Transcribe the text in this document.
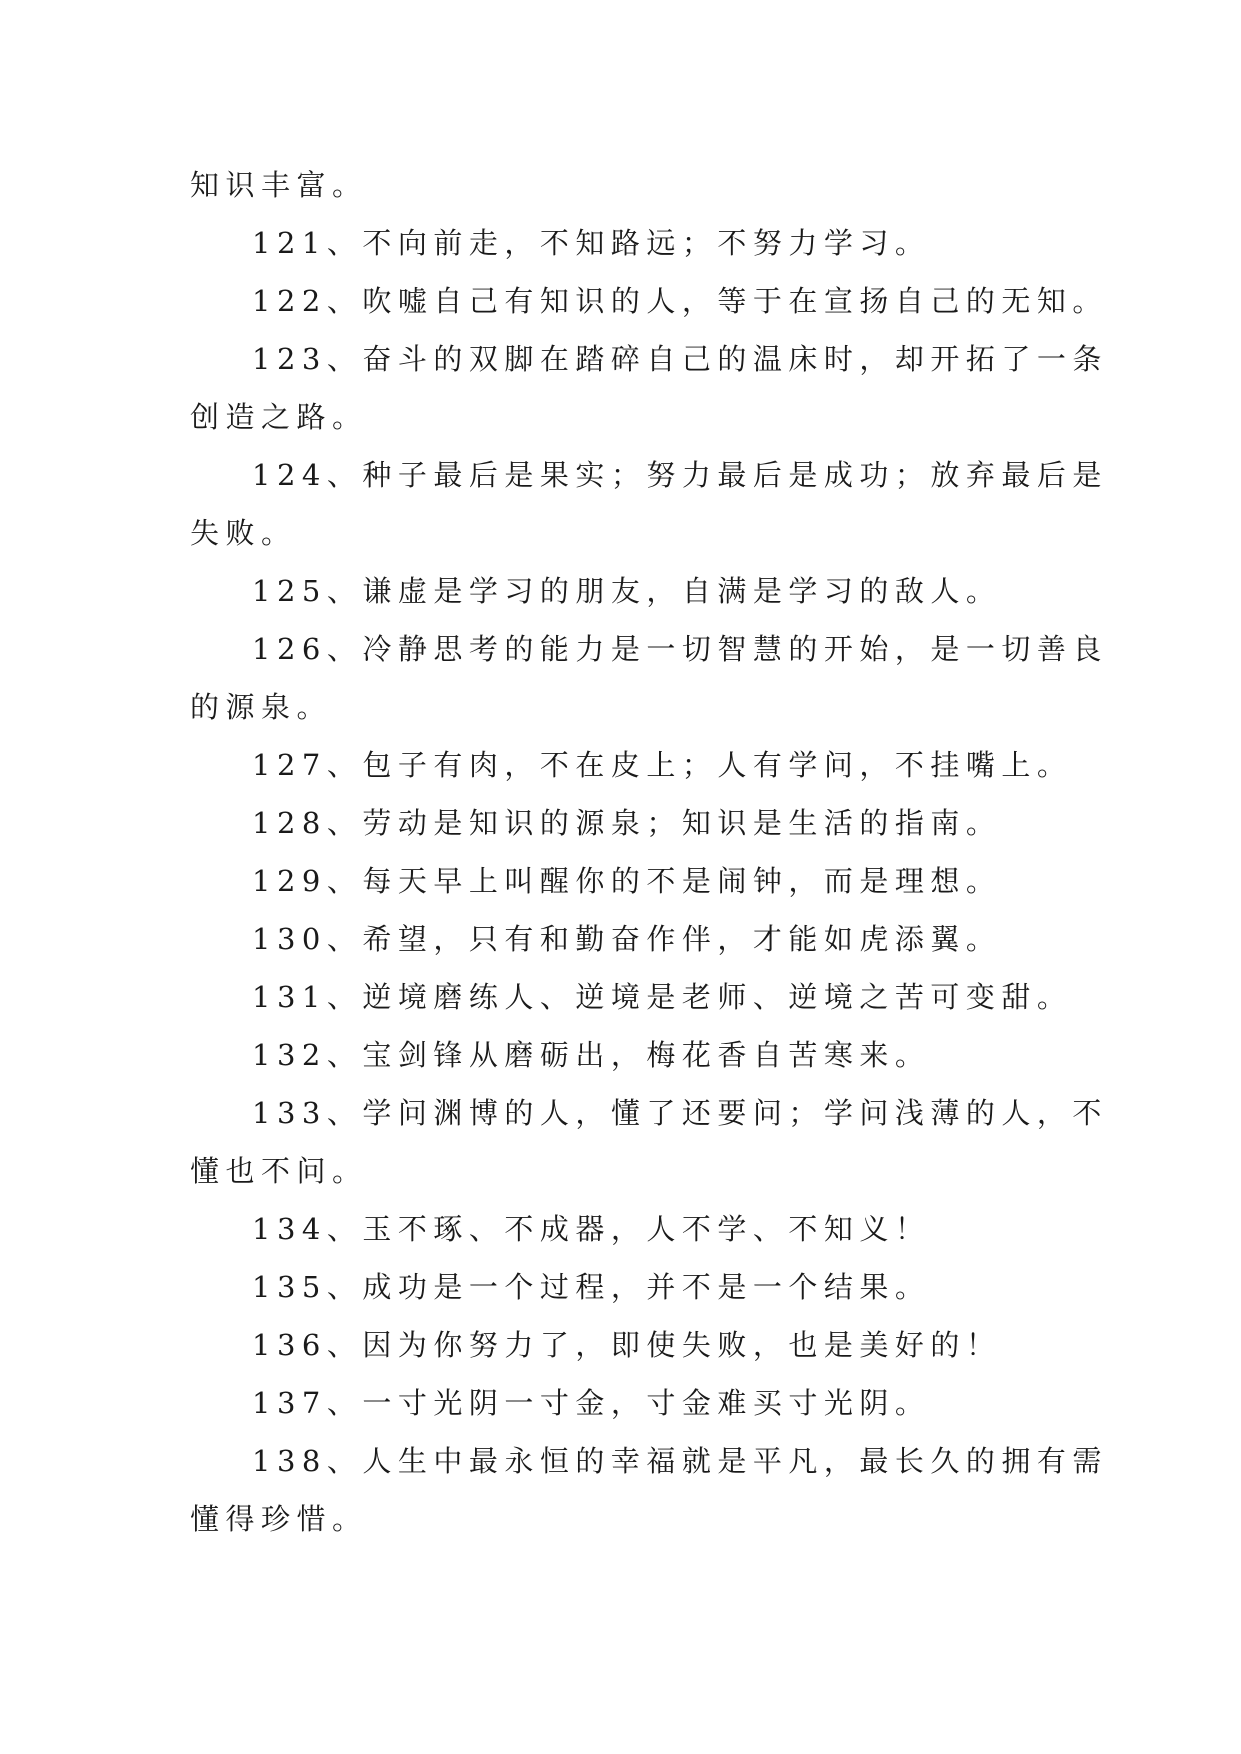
知识丰富。
121、不向前走，不知路远；不努力学习。
122、吹嘘自己有知识的人，等于在宣扬自己的无知。
123、奋斗的双脚在踏碎自己的温床时，却开拓了一条
创造之路。
124、种子最后是果实；努力最后是成功；放弃最后是
失败。
125、谦虚是学习的朋友，自满是学习的敌人。
126、冷静思考的能力是一切智慧的开始，是一切善良
的源泉。
127、包子有肉，不在皮上；人有学问，不挂嘴上。
128、劳动是知识的源泉；知识是生活的指南。
129、每天早上叫醒你的不是闹钟，而是理想。
130、希望，只有和勤奋作伴，才能如虎添翼。
131、逆境磨练人、逆境是老师、逆境之苦可变甜。
132、宝剑锋从磨砺出，梅花香自苦寒来。
133、学问渊博的人，懂了还要问；学问浅薄的人，不
懂也不问。
134、玉不琢、不成器，人不学、不知义！
135、成功是一个过程，并不是一个结果。
136、因为你努力了，即使失败，也是美好的！
137、一寸光阴一寸金，寸金难买寸光阴。
138、人生中最永恒的幸福就是平凡，最长久的拥有需
懂得珍惜。
